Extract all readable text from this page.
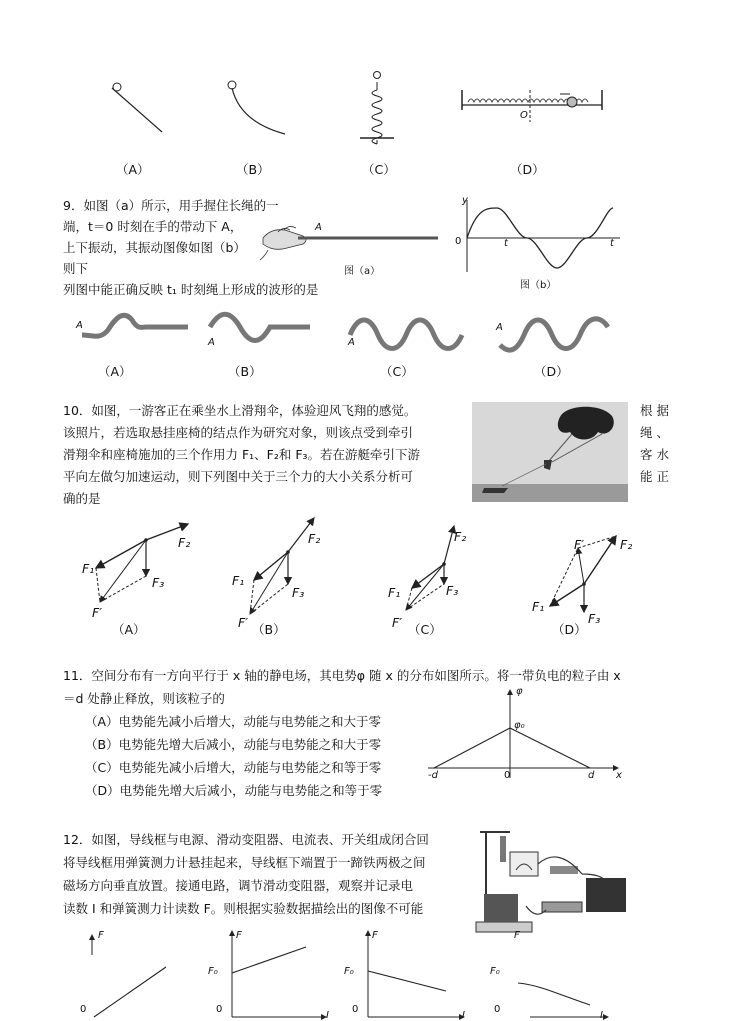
O
（A）	（B）	（C）	（D）
9．如图（a）所示，用手握住长绳的一
端，t＝0 时刻在手的带动下 A，
上下振动，其振动图像如图（b）
则下
列图中能正确反映 t₁ 时刻绳上形成的波形的是
A
图（a）
y
0	t	t
图（b）
A
A	A
A
（A）	（B）	（C）	（D）
10．如图，一游客正在乘坐水上滑翔伞，体验迎风飞翔的感觉。
该照片，若选取悬挂座椅的结点作为研究对象，则该点受到牵引
滑翔伞和座椅施加的三个作用力 F₁、F₂和 F₃。若在游艇牵引下游
平向左做匀加速运动，则下列图中关于三个力的大小关系分析可
确的是
根 据
绳 、
客 水
能 正
F₁
F₂
F₃
F′
F₁
F₂
F₃
F′
F₁
F₂
F₃
F′
F₁
F₂
F₃
F′
（A）	（B）	（C）	（D）
11．空间分布有一方向平行于 x 轴的静电场，其电势φ 随 x 的分布如图所示。将一带负电的粒子由 x
＝d 处静止释放，则该粒子的
（A）电势能先减小后增大，动能与电势能之和大于零
（B）电势能先增大后减小，动能与电势能之和大于零
（C）电势能先减小后增大，动能与电势能之和等于零
（D）电势能先增大后减小，动能与电势能之和等于零
φ
φ₀
-d	0	d x
12．如图，导线框与电源、滑动变阻器、电流表、开关组成闭合回
将导线框用弹簧测力计悬挂起来，导线框下端置于一蹄铁两极之间
磁场方向垂直放置。接通电路，调节滑动变阻器，观察并记录电
读数 I 和弹簧测力计读数 F。则根据实验数据描绘出的图像不可能
F
0
F
F₀
0
I
F
F₀
0
I
F
F₀
0
I
